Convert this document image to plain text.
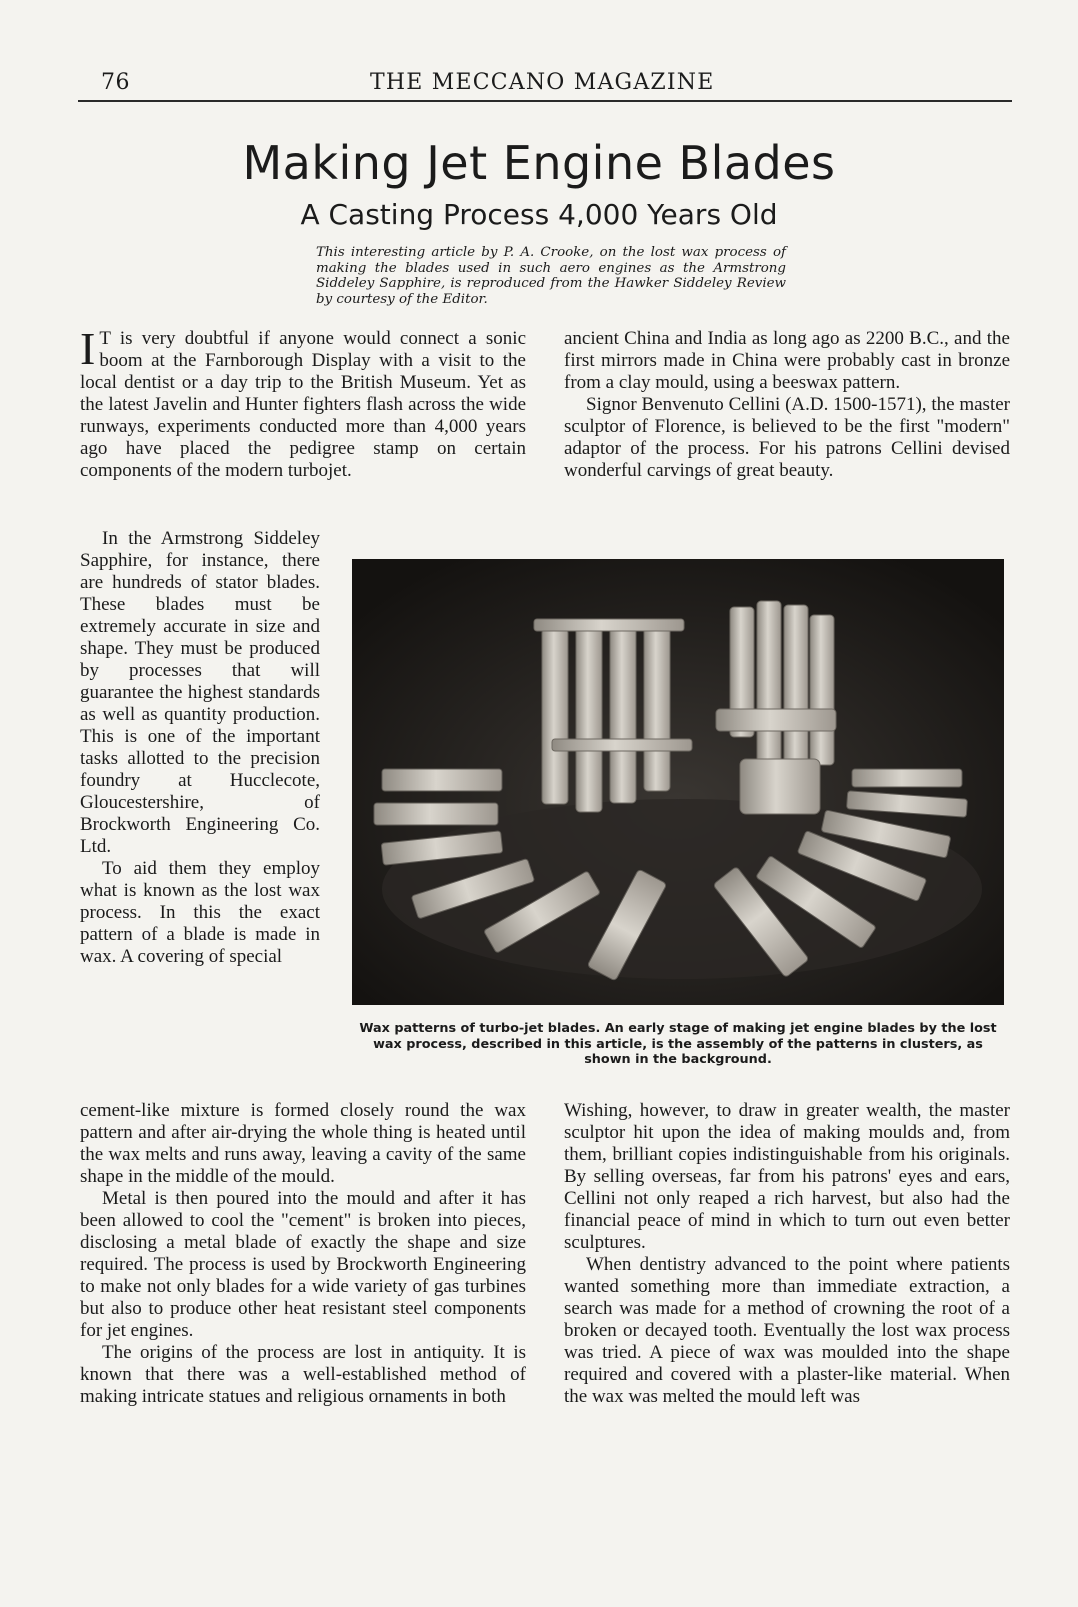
76	THE MECCANO MAGAZINE
Making Jet Engine Blades
A Casting Process 4,000 Years Old
This interesting article by P. A. Crooke, on the lost wax process of making the blades used in such aero engines as the Armstrong Siddeley Sapphire, is reproduced from the Hawker Siddeley Review by courtesy of the Editor.

I T is very doubtful if anyone would connect a sonic boom at the Farnborough Display with a visit to the local dentist or a day trip to the British Museum. Yet as the latest Javelin and Hunter fighters flash across the wide runways, experiments conducted more than 4,000 years ago have placed the pedigree stamp on certain components of the modern turbojet.

ancient China and India as long ago as 2200 B.C., and the first mirrors made in China were probably cast in bronze from a clay mould, using a beeswax pattern.

Signor Benvenuto Cellini (A.D. 1500-1571), the master sculptor of Florence, is believed to be the first "modern" adaptor of the process. For his patrons Cellini devised wonderful carvings of great beauty.

In the Armstrong Siddeley Sapphire, for instance, there are hundreds of stator blades. These blades must be extremely accurate in size and shape. They must be produced by processes that will guarantee the highest standards as well as quantity production. This is one of the important tasks allotted to the precision foundry at Hucclecote, Gloucestershire, of Brockworth Engineering Co. Ltd.

To aid them they employ what is known as the lost wax process. In this the exact pattern of a blade is made in wax. A covering of special

Wax patterns of turbo-jet blades. An early stage of making jet engine blades by the lost wax process, described in this article, is the assembly of the patterns in clusters, as shown in the background.

cement-like mixture is formed closely round the wax pattern and after air-drying the whole thing is heated until the wax melts and runs away, leaving a cavity of the same shape in the middle of the mould.

Metal is then poured into the mould and after it has been allowed to cool the "cement" is broken into pieces, disclosing a metal blade of exactly the shape and size required. The process is used by Brockworth Engineering to make not only blades for a wide variety of gas turbines but also to produce other heat resistant steel components for jet engines.

The origins of the process are lost in antiquity. It is known that there was a well-established method of making intricate statues and religious ornaments in both

Wishing, however, to draw in greater wealth, the master sculptor hit upon the idea of making moulds and, from them, brilliant copies indistinguishable from his originals. By selling overseas, far from his patrons' eyes and ears, Cellini not only reaped a rich harvest, but also had the financial peace of mind in which to turn out even better sculptures.

When dentistry advanced to the point where patients wanted something more than immediate extraction, a search was made for a method of crowning the root of a broken or decayed tooth. Eventually the lost wax process was tried. A piece of wax was moulded into the shape required and covered with a plaster-like material. When the wax was melted the mould left was
